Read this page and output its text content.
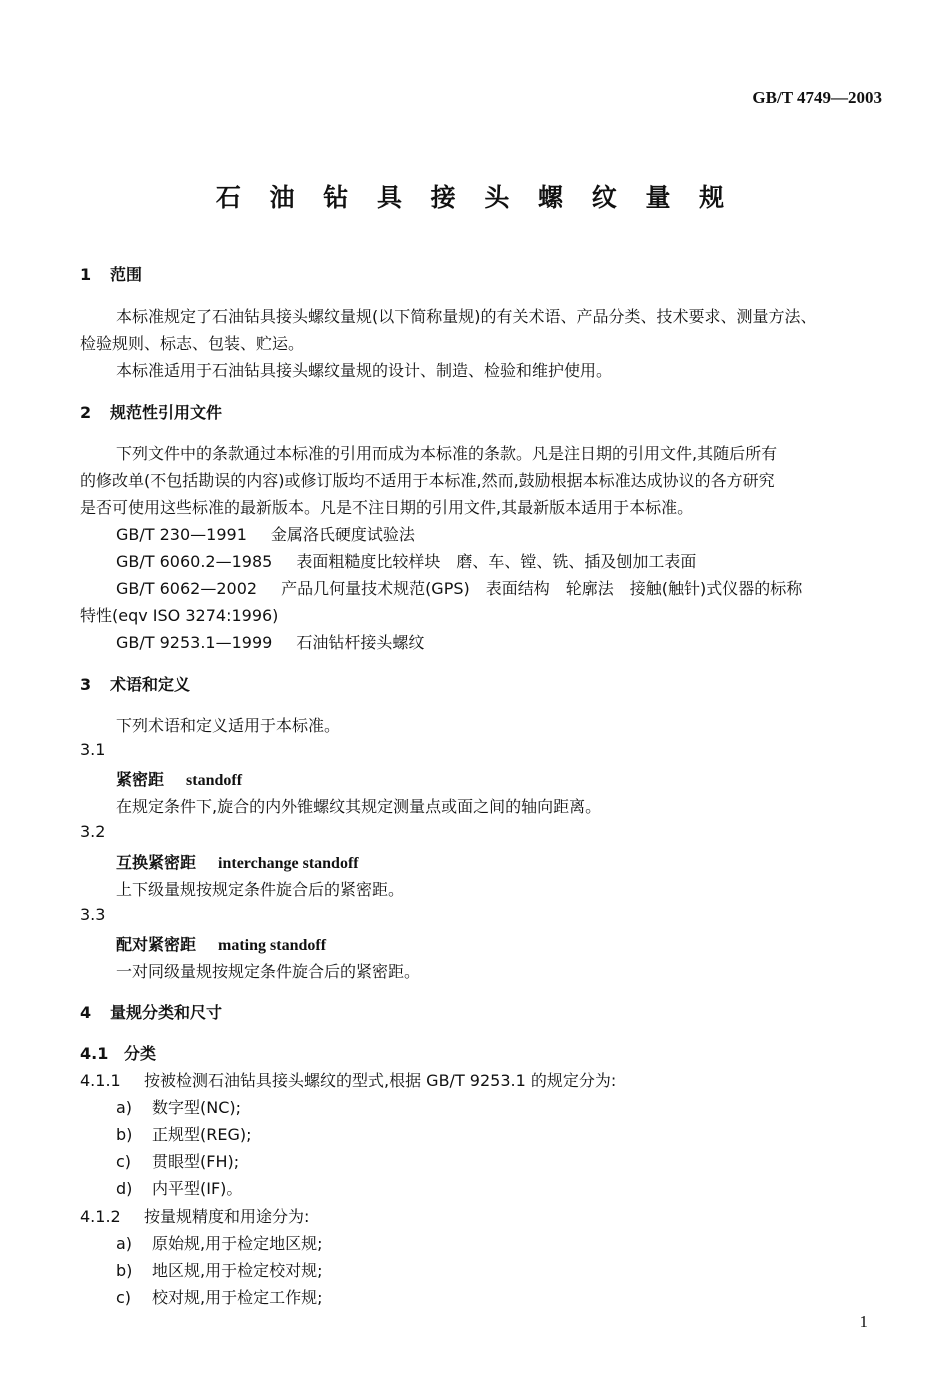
GB/T 4749—2003
石 油 钻 具 接 头 螺 纹 量 规
1 范围
本标准规定了石油钻具接头螺纹量规(以下简称量规)的有关术语、产品分类、技术要求、测量方法、
检验规则、标志、包装、贮运。
本标准适用于石油钻具接头螺纹量规的设计、制造、检验和维护使用。
2 规范性引用文件
下列文件中的条款通过本标准的引用而成为本标准的条款。凡是注日期的引用文件,其随后所有
的修改单(不包括勘误的内容)或修订版均不适用于本标准,然而,鼓励根据本标准达成协议的各方研究
是否可使用这些标准的最新版本。凡是不注日期的引用文件,其最新版本适用于本标准。
GB/T 230—1991 金属洛氏硬度试验法
GB/T 6060.2—1985 表面粗糙度比较样块　磨、车、镗、铣、插及刨加工表面
GB/T 6062—2002 产品几何量技术规范(GPS)　表面结构　轮廓法　接触(触针)式仪器的标称
特性(eqv ISO 3274:1996)
GB/T 9253.1—1999 石油钻杆接头螺纹
3 术语和定义
下列术语和定义适用于本标准。
3.1
紧密距 standoff
在规定条件下,旋合的内外锥螺纹其规定测量点或面之间的轴向距离。
3.2
互换紧密距 interchange standoff
上下级量规按规定条件旋合后的紧密距。
3.3
配对紧密距 mating standoff
一对同级量规按规定条件旋合后的紧密距。
4 量规分类和尺寸
4.1 分类
4.1.1 按被检测石油钻具接头螺纹的型式,根据 GB/T 9253.1 的规定分为:
a) 数字型(NC);
b) 正规型(REG);
c) 贯眼型(FH);
d) 内平型(IF)。
4.1.2 按量规精度和用途分为:
a) 原始规,用于检定地区规;
b) 地区规,用于检定校对规;
c) 校对规,用于检定工作规;
1
